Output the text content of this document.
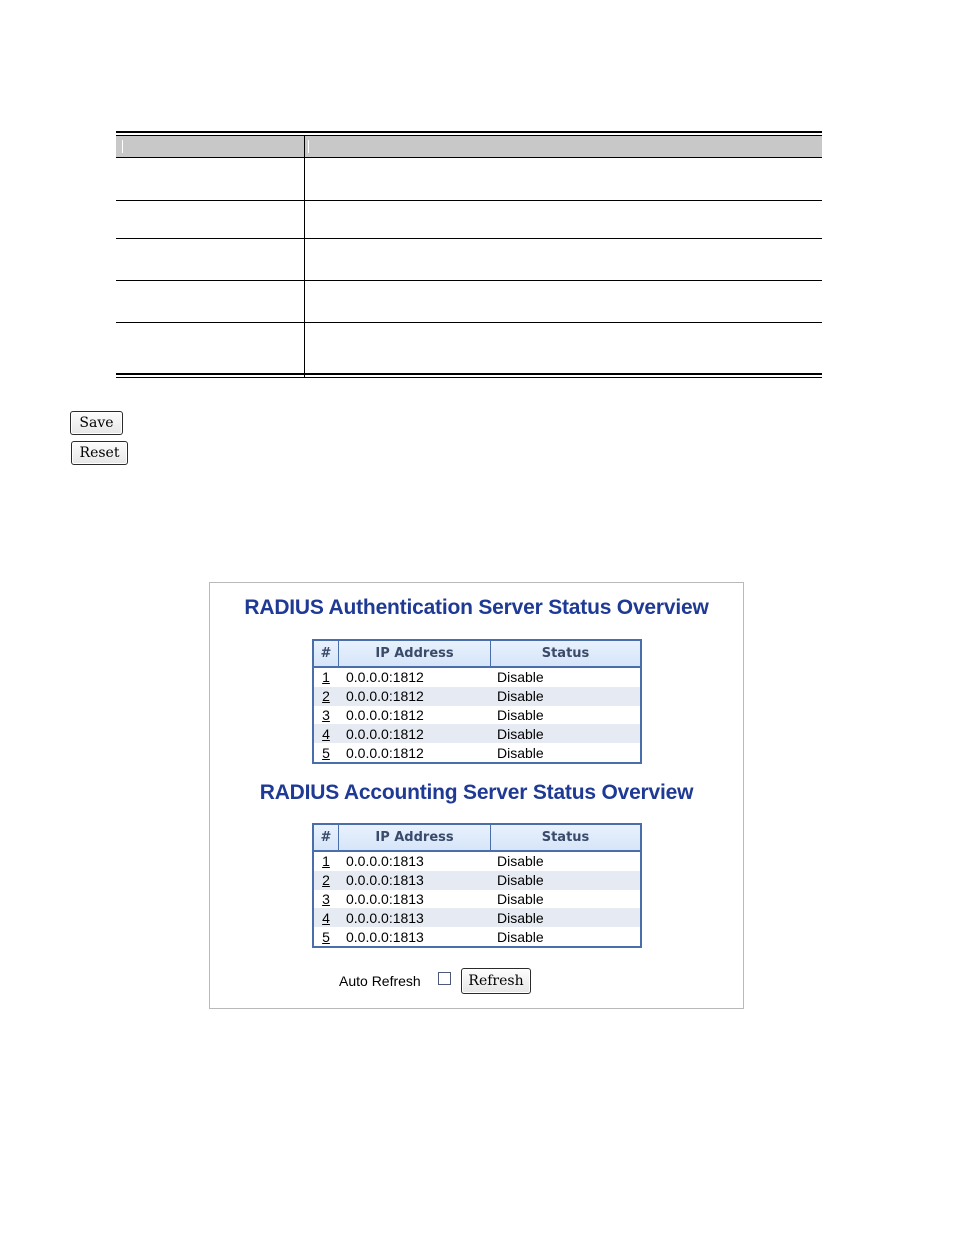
Save
Reset
RADIUS Authentication Server Status Overview
#	IP Address	Status
1	0.0.0.0:1812	Disable
2	0.0.0.0:1812	Disable
3	0.0.0.0:1812	Disable
4	0.0.0.0:1812	Disable
5	0.0.0.0:1812	Disable
RADIUS Accounting Server Status Overview
#	IP Address	Status
1	0.0.0.0:1813	Disable
2	0.0.0.0:1813	Disable
3	0.0.0.0:1813	Disable
4	0.0.0.0:1813	Disable
5	0.0.0.0:1813	Disable
Auto Refresh	Refresh
